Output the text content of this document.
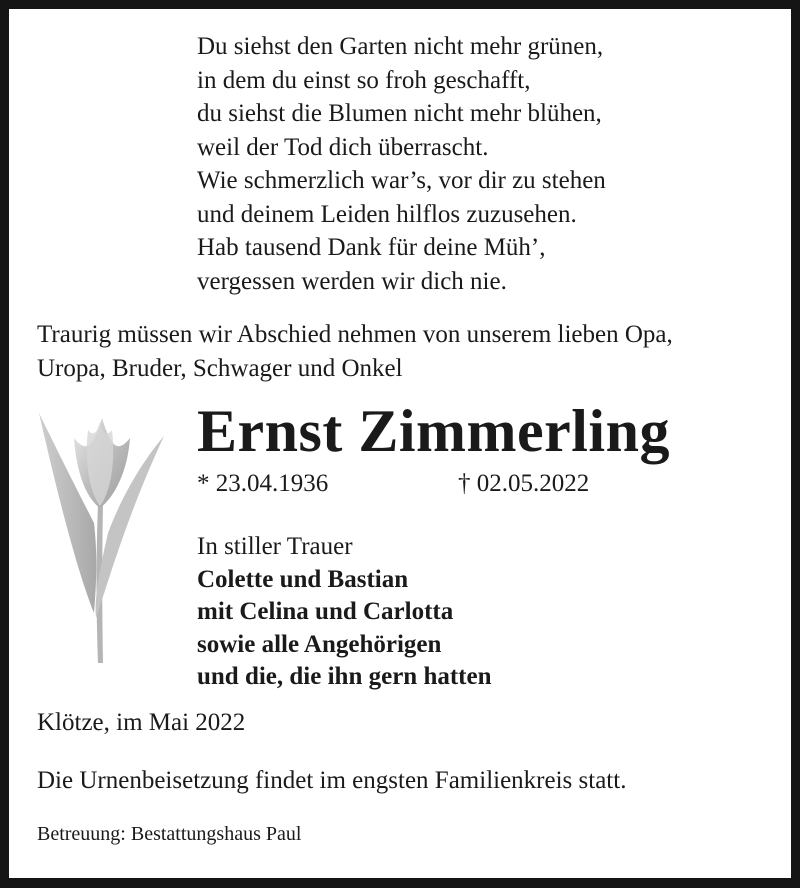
Du siehst den Garten nicht mehr grünen,
in dem du einst so froh geschafft,
du siehst die Blumen nicht mehr blühen,
weil der Tod dich überrascht.
Wie schmerzlich war’s, vor dir zu stehen
und deinem Leiden hilflos zuzusehen.
Hab tausend Dank für deine Müh’,
vergessen werden wir dich nie.
Traurig müssen wir Abschied nehmen von unserem lieben Opa,
Uropa, Bruder, Schwager und Onkel
Ernst Zimmerling
* 23.04.1936	† 02.05.2022
In stiller Trauer
Colette und Bastian
mit Celina und Carlotta
sowie alle Angehörigen
und die, die ihn gern hatten
Klötze, im Mai 2022
Die Urnenbeisetzung findet im engsten Familienkreis statt.
Betreuung: Bestattungshaus Paul
